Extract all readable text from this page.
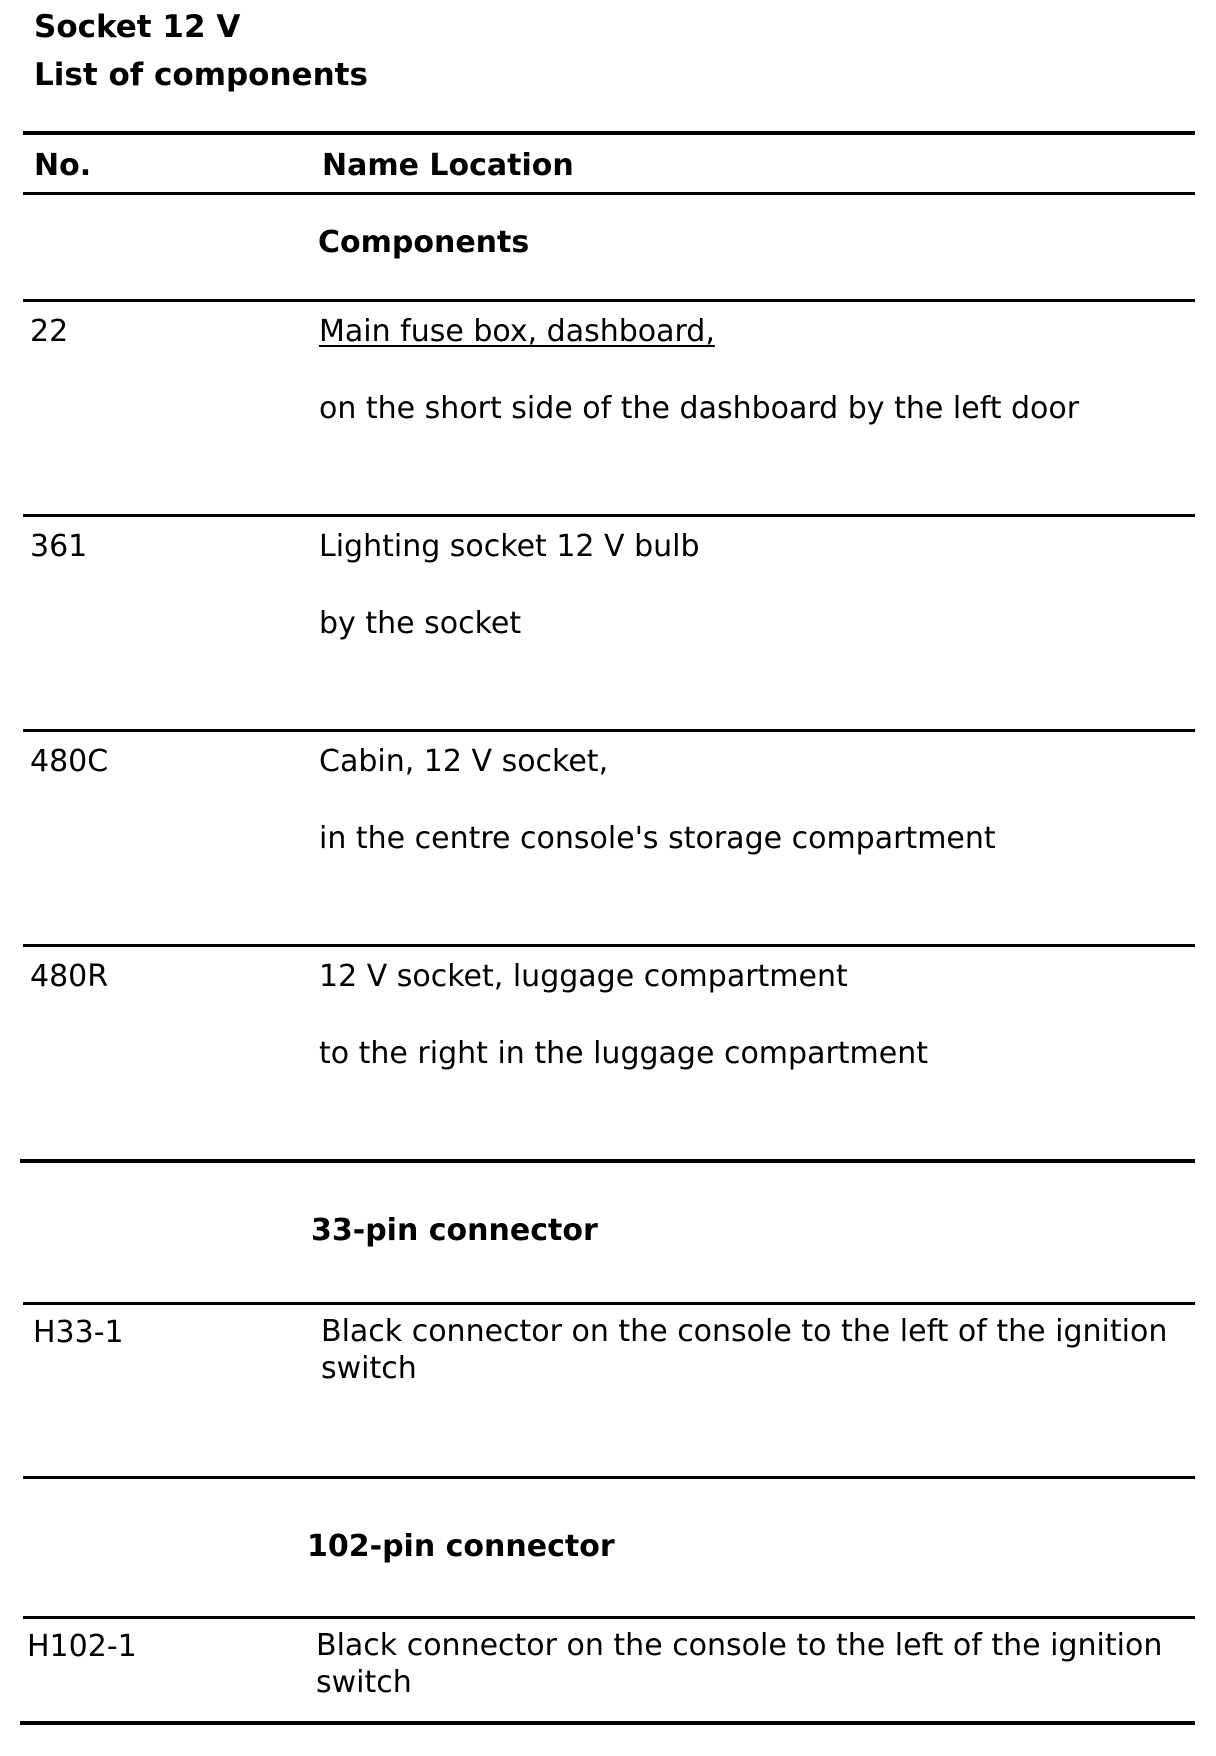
Socket 12 V
List of components
No.	Name Location
Components
22	Main fuse box, dashboard,
on the short side of the dashboard by the left door
361	Lighting socket 12 V bulb
by the socket
480C	Cabin, 12 V socket,
in the centre console's storage compartment
480R	12 V socket, luggage compartment
to the right in the luggage compartment
33-pin connector
H33-1	Black connector on the console to the left of the ignition switch
102-pin connector
H102-1	Black connector on the console to the left of the ignition switch
